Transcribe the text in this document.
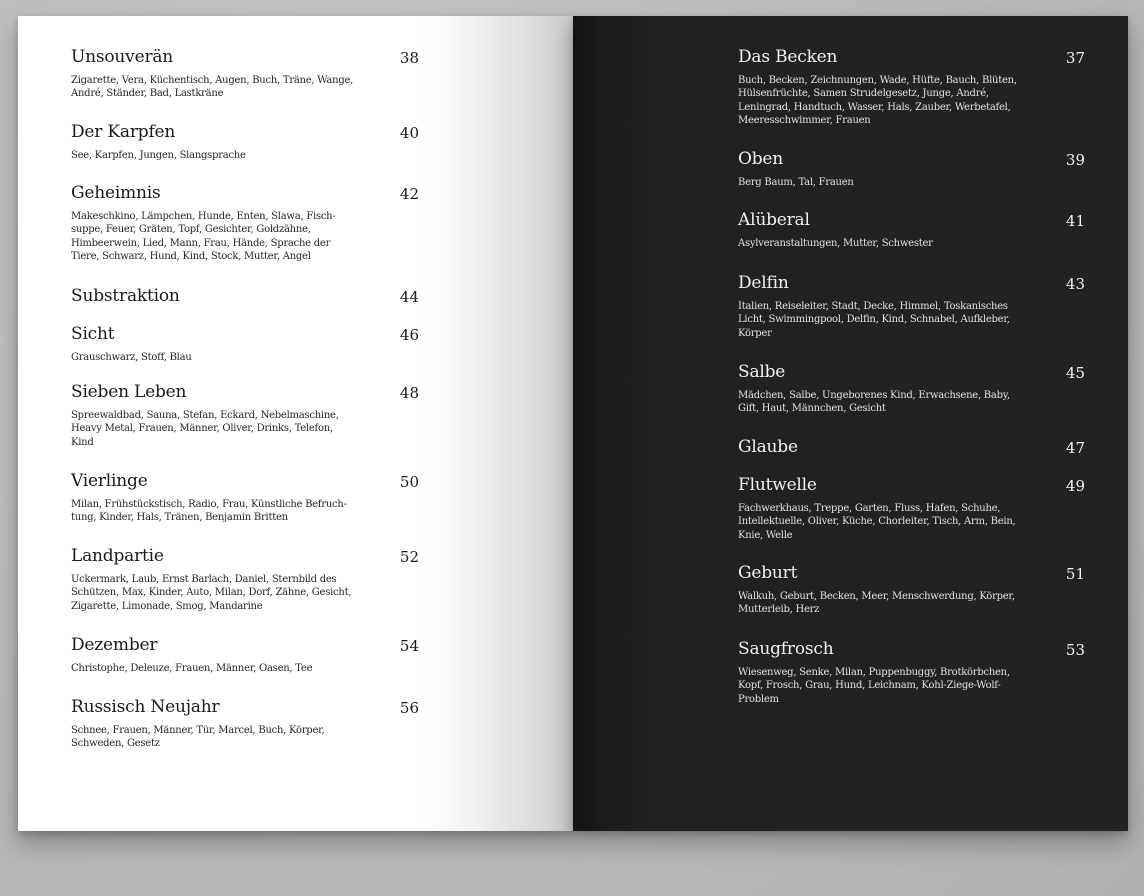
Unsouverän	38
Zigarette, Vera, Küchentisch, Augen, Buch, Träne, Wange, André, Ständer, Bad, Lastkräne
Der Karpfen	40
See, Karpfen, Jungen, Slangsprache
Geheimnis	42
Makeschkino, Lämpchen, Hunde, Enten, Slawa, Fisch-suppe, Feuer, Gräten, Topf, Gesichter, Goldzähne, Himbeerwein, Lied, Mann, Frau, Hände, Sprache der Tiere, Schwarz, Hund, Kind, Stock, Mutter, Angel
Substraktion	44
Sicht	46
Grauschwarz, Stoff, Blau
Sieben Leben	48
Spreewaldbad, Sauna, Stefan, Eckard, Nebelmaschine, Heavy Metal, Frauen, Männer, Oliver, Drinks, Telefon, Kind
Vierlinge	50
Milan, Frühstückstisch, Radio, Frau, Künstliche Befruch-tung, Kinder, Hals, Tränen, Benjamin Britten
Landpartie	52
Uckermark, Laub, Ernst Barlach, Daniel, Sternbild des Schützen, Max, Kinder, Auto, Milan, Dorf, Zähne, Gesicht, Zigarette, Limonade, Smog, Mandarine
Dezember	54
Christophe, Deleuze, Frauen, Männer, Oasen, Tee
Russisch Neujahr	56
Schnee, Frauen, Männer, Tür, Marcel, Buch, Körper, Schweden, Gesetz
Das Becken	37
Buch, Becken, Zeichnungen, Wade, Hüfte, Bauch, Blüten, Hülsenfrüchte, Samen Strudelgesetz, Junge, André, Leningrad, Handtuch, Wasser, Hals, Zauber, Werbetafel, Meeresschwimmer, Frauen
Oben	39
Berg Baum, Tal, Frauen
Alüberal	41
Asylveranstaltungen, Mutter, Schwester
Delfin	43
Italien, Reiseleiter, Stadt, Decke, Himmel, Toskanisches Licht, Swimmingpool, Delfin, Kind, Schnabel, Aufkleber, Körper
Salbe	45
Mädchen, Salbe, Ungeborenes Kind, Erwachsene, Baby, Gift, Haut, Männchen, Gesicht
Glaube	47
Flutwelle	49
Fachwerkhaus, Treppe, Garten, Fluss, Hafen, Schuhe, Intellektuelle, Oliver, Küche, Chorleiter, Tisch, Arm, Bein, Knie, Welle
Geburt	51
Walkuh, Geburt, Becken, Meer, Menschwerdung, Körper, Mutterleib, Herz
Saugfrosch	53
Wiesenweg, Senke, Milan, Puppenbuggy, Brotkörbchen, Kopf, Frosch, Grau, Hund, Leichnam, Kohl-Ziege-Wolf-Problem
